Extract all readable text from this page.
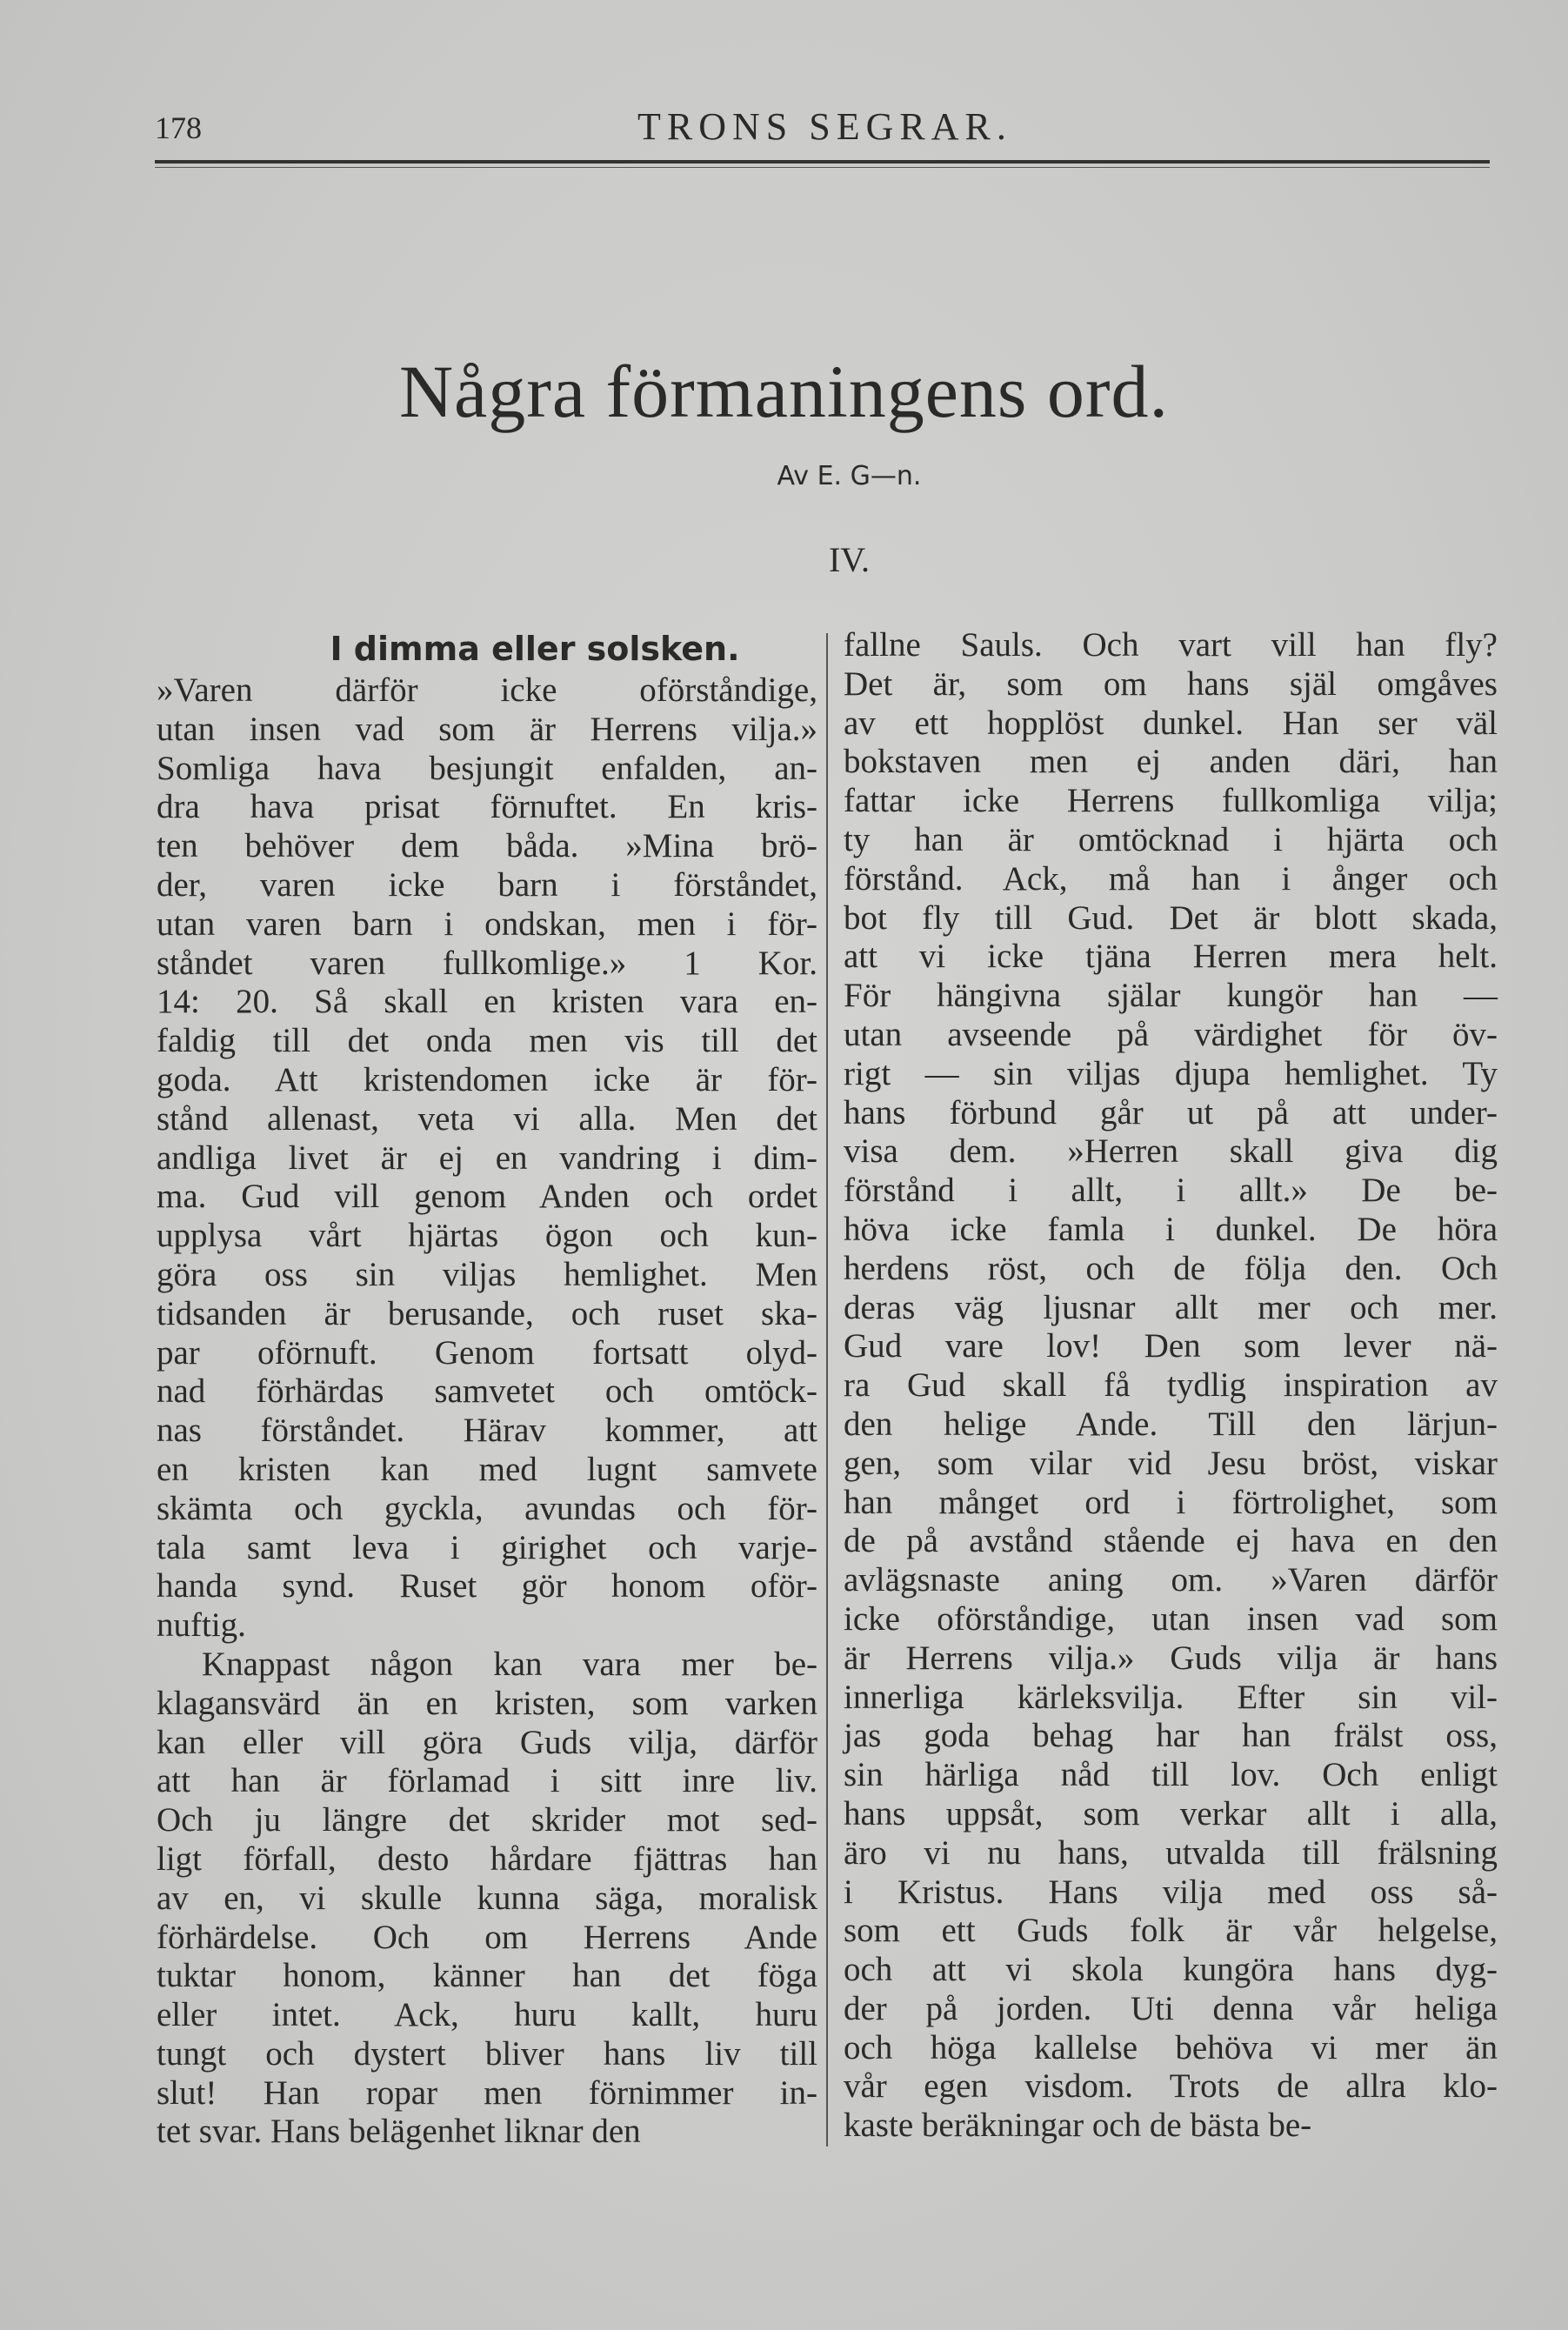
178	TRONS SEGRAR.
Några förmaningens ord.
Av E. G—n.
IV.
I dimma eller solsken.
»Varen därför icke oförståndige,
utan insen vad som är Herrens vilja.»
Somliga hava besjungit enfalden, an-
dra hava prisat förnuftet. En kris-
ten behöver dem båda. »Mina brö-
der, varen icke barn i förståndet,
utan varen barn i ondskan, men i för-
ståndet varen fullkomlige.» 1 Kor.
14: 20. Så skall en kristen vara en-
faldig till det onda men vis till det
goda. Att kristendomen icke är för-
stånd allenast, veta vi alla. Men det
andliga livet är ej en vandring i dim-
ma. Gud vill genom Anden och ordet
upplysa vårt hjärtas ögon och kun-
göra oss sin viljas hemlighet. Men
tidsanden är berusande, och ruset ska-
par oförnuft. Genom fortsatt olyd-
nad förhärdas samvetet och omtöck-
nas förståndet. Härav kommer, att
en kristen kan med lugnt samvete
skämta och gyckla, avundas och för-
tala samt leva i girighet och varje-
handa synd. Ruset gör honom oför-
nuftig.
Knappast någon kan vara mer be-
klagansvärd än en kristen, som varken
kan eller vill göra Guds vilja, därför
att han är förlamad i sitt inre liv.
Och ju längre det skrider mot sed-
ligt förfall, desto hårdare fjättras han
av en, vi skulle kunna säga, moralisk
förhärdelse. Och om Herrens Ande
tuktar honom, känner han det föga
eller intet. Ack, huru kallt, huru
tungt och dystert bliver hans liv till
slut! Han ropar men förnimmer in-
tet svar. Hans belägenhet liknar den
fallne Sauls. Och vart vill han fly?
Det är, som om hans själ omgåves
av ett hopplöst dunkel. Han ser väl
bokstaven men ej anden däri, han
fattar icke Herrens fullkomliga vilja;
ty han är omtöcknad i hjärta och
förstånd. Ack, må han i ånger och
bot fly till Gud. Det är blott skada,
att vi icke tjäna Herren mera helt.
För hängivna själar kungör han —
utan avseende på värdighet för öv-
rigt — sin viljas djupa hemlighet. Ty
hans förbund går ut på att under-
visa dem. »Herren skall giva dig
förstånd i allt, i allt.» De be-
höva icke famla i dunkel. De höra
herdens röst, och de följa den. Och
deras väg ljusnar allt mer och mer.
Gud vare lov! Den som lever nä-
ra Gud skall få tydlig inspiration av
den helige Ande. Till den lärjun-
gen, som vilar vid Jesu bröst, viskar
han månget ord i förtrolighet, som
de på avstånd stående ej hava en den
avlägsnaste aning om. »Varen därför
icke oförståndige, utan insen vad som
är Herrens vilja.» Guds vilja är hans
innerliga kärleksvilja. Efter sin vil-
jas goda behag har han frälst oss,
sin härliga nåd till lov. Och enligt
hans uppsåt, som verkar allt i alla,
äro vi nu hans, utvalda till frälsning
i Kristus. Hans vilja med oss så-
som ett Guds folk är vår helgelse,
och att vi skola kungöra hans dyg-
der på jorden. Uti denna vår heliga
och höga kallelse behöva vi mer än
vår egen visdom. Trots de allra klo-
kaste beräkningar och de bästa be-
